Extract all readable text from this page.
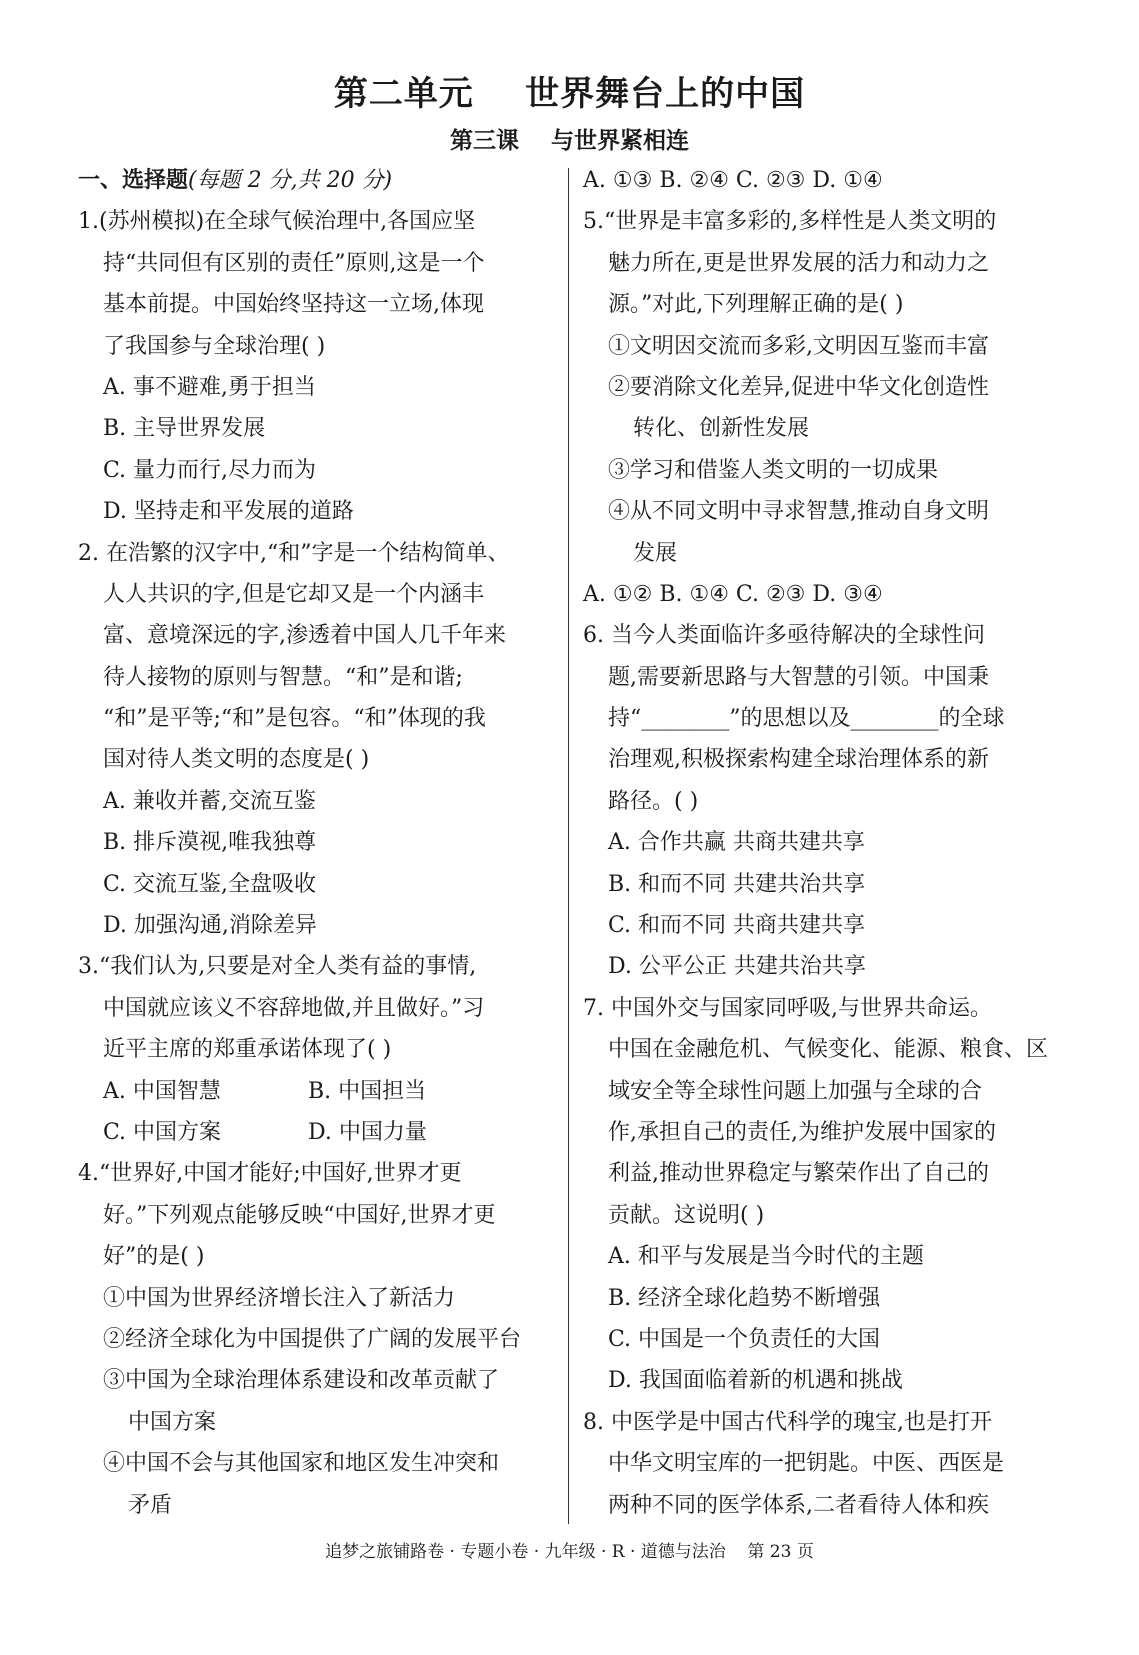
第二单元    世界舞台上的中国
第三课    与世界紧相连
一、选择题(每题 2 分,共 20 分)
1.(苏州模拟)在全球气候治理中,各国应坚
持“共同但有区别的责任”原则,这是一个
基本前提。中国始终坚持这一立场,体现
了我国参与全球治理( )
A. 事不避难,勇于担当
B. 主导世界发展
C. 量力而行,尽力而为
D. 坚持走和平发展的道路
2. 在浩繁的汉字中,“和”字是一个结构简单、
人人共识的字,但是它却又是一个内涵丰
富、意境深远的字,渗透着中国人几千年来
待人接物的原则与智慧。“和”是和谐;
“和”是平等;“和”是包容。“和”体现的我
国对待人类文明的态度是( )
A. 兼收并蓄,交流互鉴
B. 排斥漠视,唯我独尊
C. 交流互鉴,全盘吸收
D. 加强沟通,消除差异
3.“我们认为,只要是对全人类有益的事情,
中国就应该义不容辞地做,并且做好。”习
近平主席的郑重承诺体现了( )
A. 中国智慧	B. 中国担当
C. 中国方案	D. 中国力量
4.“世界好,中国才能好;中国好,世界才更
好。”下列观点能够反映“中国好,世界才更
好”的是( )
①中国为世界经济增长注入了新活力
②经济全球化为中国提供了广阔的发展平台
③中国为全球治理体系建设和改革贡献了
中国方案
④中国不会与其他国家和地区发生冲突和
矛盾
A. ①③ B. ②④ C. ②③ D. ①④
5.“世界是丰富多彩的,多样性是人类文明的
魅力所在,更是世界发展的活力和动力之
源。”对此,下列理解正确的是( )
①文明因交流而多彩,文明因互鉴而丰富
②要消除文化差异,促进中华文化创造性
转化、创新性发展
③学习和借鉴人类文明的一切成果
④从不同文明中寻求智慧,推动自身文明
发展
A. ①② B. ①④ C. ②③ D. ③④
6. 当今人类面临许多亟待解决的全球性问
题,需要新思路与大智慧的引领。中国秉
持“________”的思想以及________的全球
治理观,积极探索构建全球治理体系的新
路径。( )
A. 合作共赢 共商共建共享
B. 和而不同 共建共治共享
C. 和而不同 共商共建共享
D. 公平公正 共建共治共享
7. 中国外交与国家同呼吸,与世界共命运。
中国在金融危机、气候变化、能源、粮食、区
域安全等全球性问题上加强与全球的合
作,承担自己的责任,为维护发展中国家的
利益,推动世界稳定与繁荣作出了自己的
贡献。这说明( )
A. 和平与发展是当今时代的主题
B. 经济全球化趋势不断增强
C. 中国是一个负责任的大国
D. 我国面临着新的机遇和挑战
8. 中医学是中国古代科学的瑰宝,也是打开
中华文明宝库的一把钥匙。中医、西医是
两种不同的医学体系,二者看待人体和疾
追梦之旅铺路卷 · 专题小卷 · 九年级 · R · 道德与法治    第 23 页
